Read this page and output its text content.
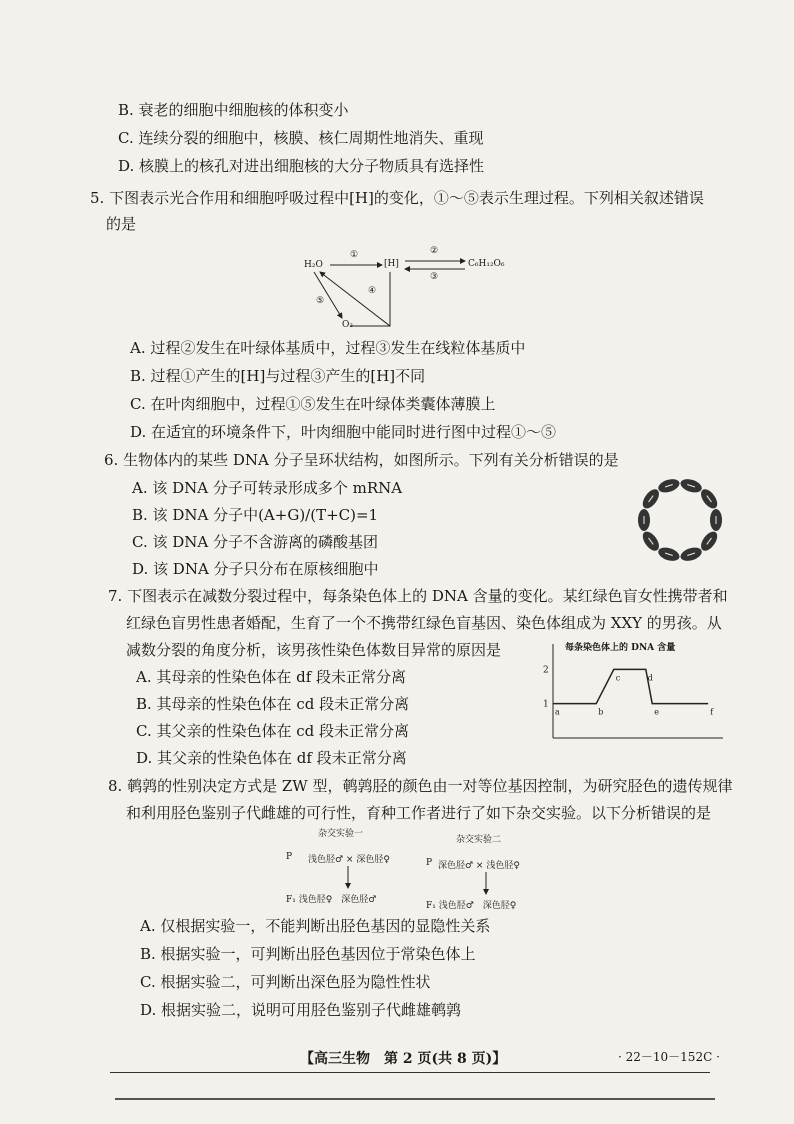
B. 衰老的细胞中细胞核的体积变小
C. 连续分裂的细胞中，核膜、核仁周期性地消失、重现
D. 核膜上的核孔对进出细胞核的大分子物质具有选择性
5. 下图表示光合作用和细胞呼吸过程中[H]的变化，①～⑤表示生理过程。下列相关叙述错误
的是
H₂O	[H]	C₆H₁₂O₆
O₂
①	②
③
④
⑤
A. 过程②发生在叶绿体基质中，过程③发生在线粒体基质中
B. 过程①产生的[H]与过程③产生的[H]不同
C. 在叶肉细胞中，过程①⑤发生在叶绿体类囊体薄膜上
D. 在适宜的环境条件下，叶肉细胞中能同时进行图中过程①～⑤
6. 生物体内的某些 DNA 分子呈环状结构，如图所示。下列有关分析错误的是
A. 该 DNA 分子可转录形成多个 mRNA
B. 该 DNA 分子中(A+G)/(T+C)=1
C. 该 DNA 分子不含游离的磷酸基团
D. 该 DNA 分子只分布在原核细胞中
7. 下图表示在减数分裂过程中，每条染色体上的 DNA 含量的变化。某红绿色盲女性携带者和
红绿色盲男性患者婚配，生育了一个不携带红绿色盲基因、染色体组成为 XXY 的男孩。从
减数分裂的角度分析，该男孩性染色体数目异常的原因是
A. 其母亲的性染色体在 df 段未正常分离
B. 其母亲的性染色体在 cd 段未正常分离
C. 其父亲的性染色体在 cd 段未正常分离
D. 其父亲的性染色体在 df 段未正常分离
1
2
a	b
c	d
e	f
每条染色体上的 DNA 含量
8. 鹌鹑的性别决定方式是 ZW 型，鹌鹑胫的颜色由一对等位基因控制，为研究胫色的遗传规律
和利用胫色鉴别子代雌雄的可行性，育种工作者进行了如下杂交实验。以下分析错误的是
杂交实验一
P 浅色胫♂ × 深色胫♀
F₁ 浅色胫♀　深色胫♂
杂交实验二
P 深色胫♂ × 浅色胫♀
F₁ 浅色胫♂　深色胫♀
A. 仅根据实验一，不能判断出胫色基因的显隐性关系
B. 根据实验一，可判断出胫色基因位于常染色体上
C. 根据实验二，可判断出深色胫为隐性性状
D. 根据实验二，说明可用胫色鉴别子代雌雄鹌鹑
【高三生物　第 2 页(共 8 页)】	· 22－10－152C ·
